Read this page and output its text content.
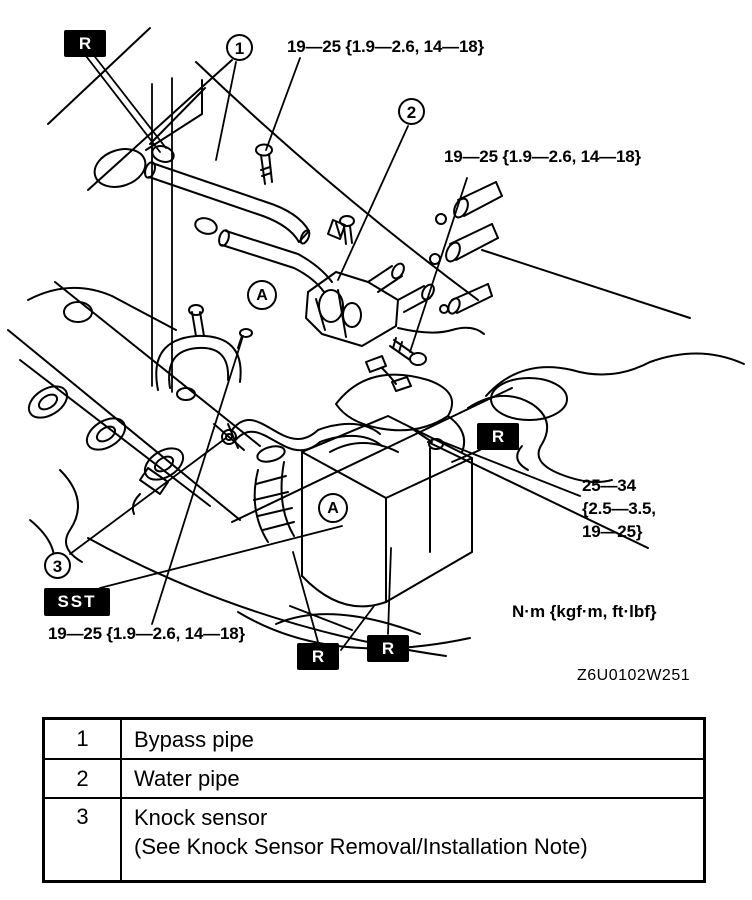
R
R
R	R
SST
1
2
3
A
A
19—25 {1.9—2.6, 14—18}
19—25 {1.9—2.6, 14—18}
19—25 {1.9—2.6, 14—18}
25—34
{2.5—3.5,
19—25}
N·m {kgf·m, ft·lbf}
Z6U0102W251
1	Bypass pipe
2	Water pipe
3	Knock sensor
(See Knock Sensor Removal/Installation Note)
